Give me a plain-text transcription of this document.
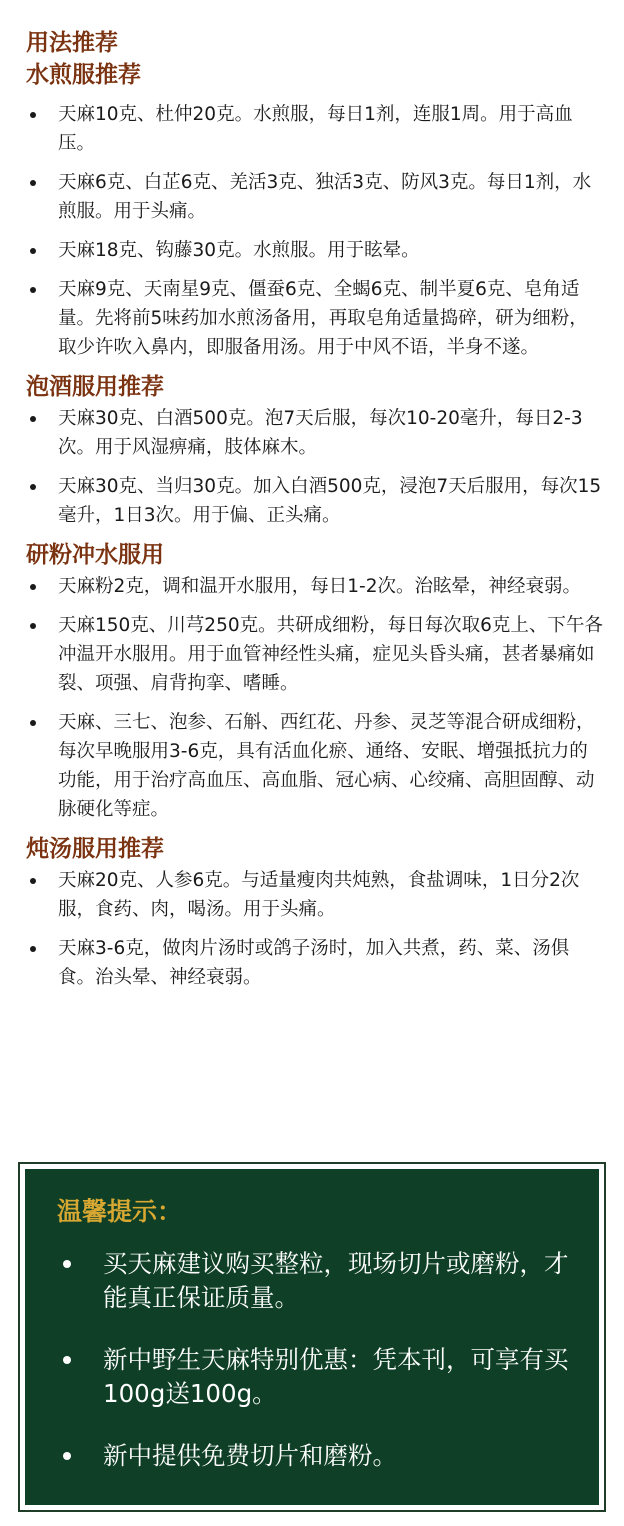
用法推荐
水煎服推荐
天麻10克、杜仲20克。水煎服，每日1剂，连服1周。用于高血压。
天麻6克、白芷6克、羌活3克、独活3克、防风3克。每日1剂，水煎服。用于头痛。
天麻18克、钩藤30克。水煎服。用于眩晕。
天麻9克、天南星9克、僵蚕6克、全蝎6克、制半夏6克、皂角适量。先将前5味药加水煎汤备用，再取皂角适量捣碎，研为细粉，取少许吹入鼻内，即服备用汤。用于中风不语，半身不遂。
泡酒服用推荐
天麻30克、白酒500克。泡7天后服，每次10-20毫升，每日2-3次。用于风湿痹痛，肢体麻木。
天麻30克、当归30克。加入白酒500克，浸泡7天后服用，每次15毫升，1日3次。用于偏、正头痛。
研粉冲水服用
天麻粉2克，调和温开水服用，每日1-2次。治眩晕，神经衰弱。
天麻150克、川芎250克。共研成细粉，每日每次取6克上、下午各冲温开水服用。用于血管神经性头痛，症见头昏头痛，甚者暴痛如裂、项强、肩背拘挛、嗜睡。
天麻、三七、泡参、石斛、西红花、丹参、灵芝等混合研成细粉，每次早晚服用3-6克，具有活血化瘀、通络、安眠、增强抵抗力的功能，用于治疗高血压、高血脂、冠心病、心绞痛、高胆固醇、动脉硬化等症。
炖汤服用推荐
天麻20克、人参6克。与适量瘦肉共炖熟，食盐调味，1日分2次服，食药、肉，喝汤。用于头痛。
天麻3-6克，做肉片汤时或鸽子汤时，加入共煮，药、菜、汤俱食。治头晕、神经衰弱。
温馨提示：
买天麻建议购买整粒，现场切片或磨粉，才能真正保证质量。
新中野生天麻特别优惠：凭本刊，可享有买100g送100g。
新中提供免费切片和磨粉。
